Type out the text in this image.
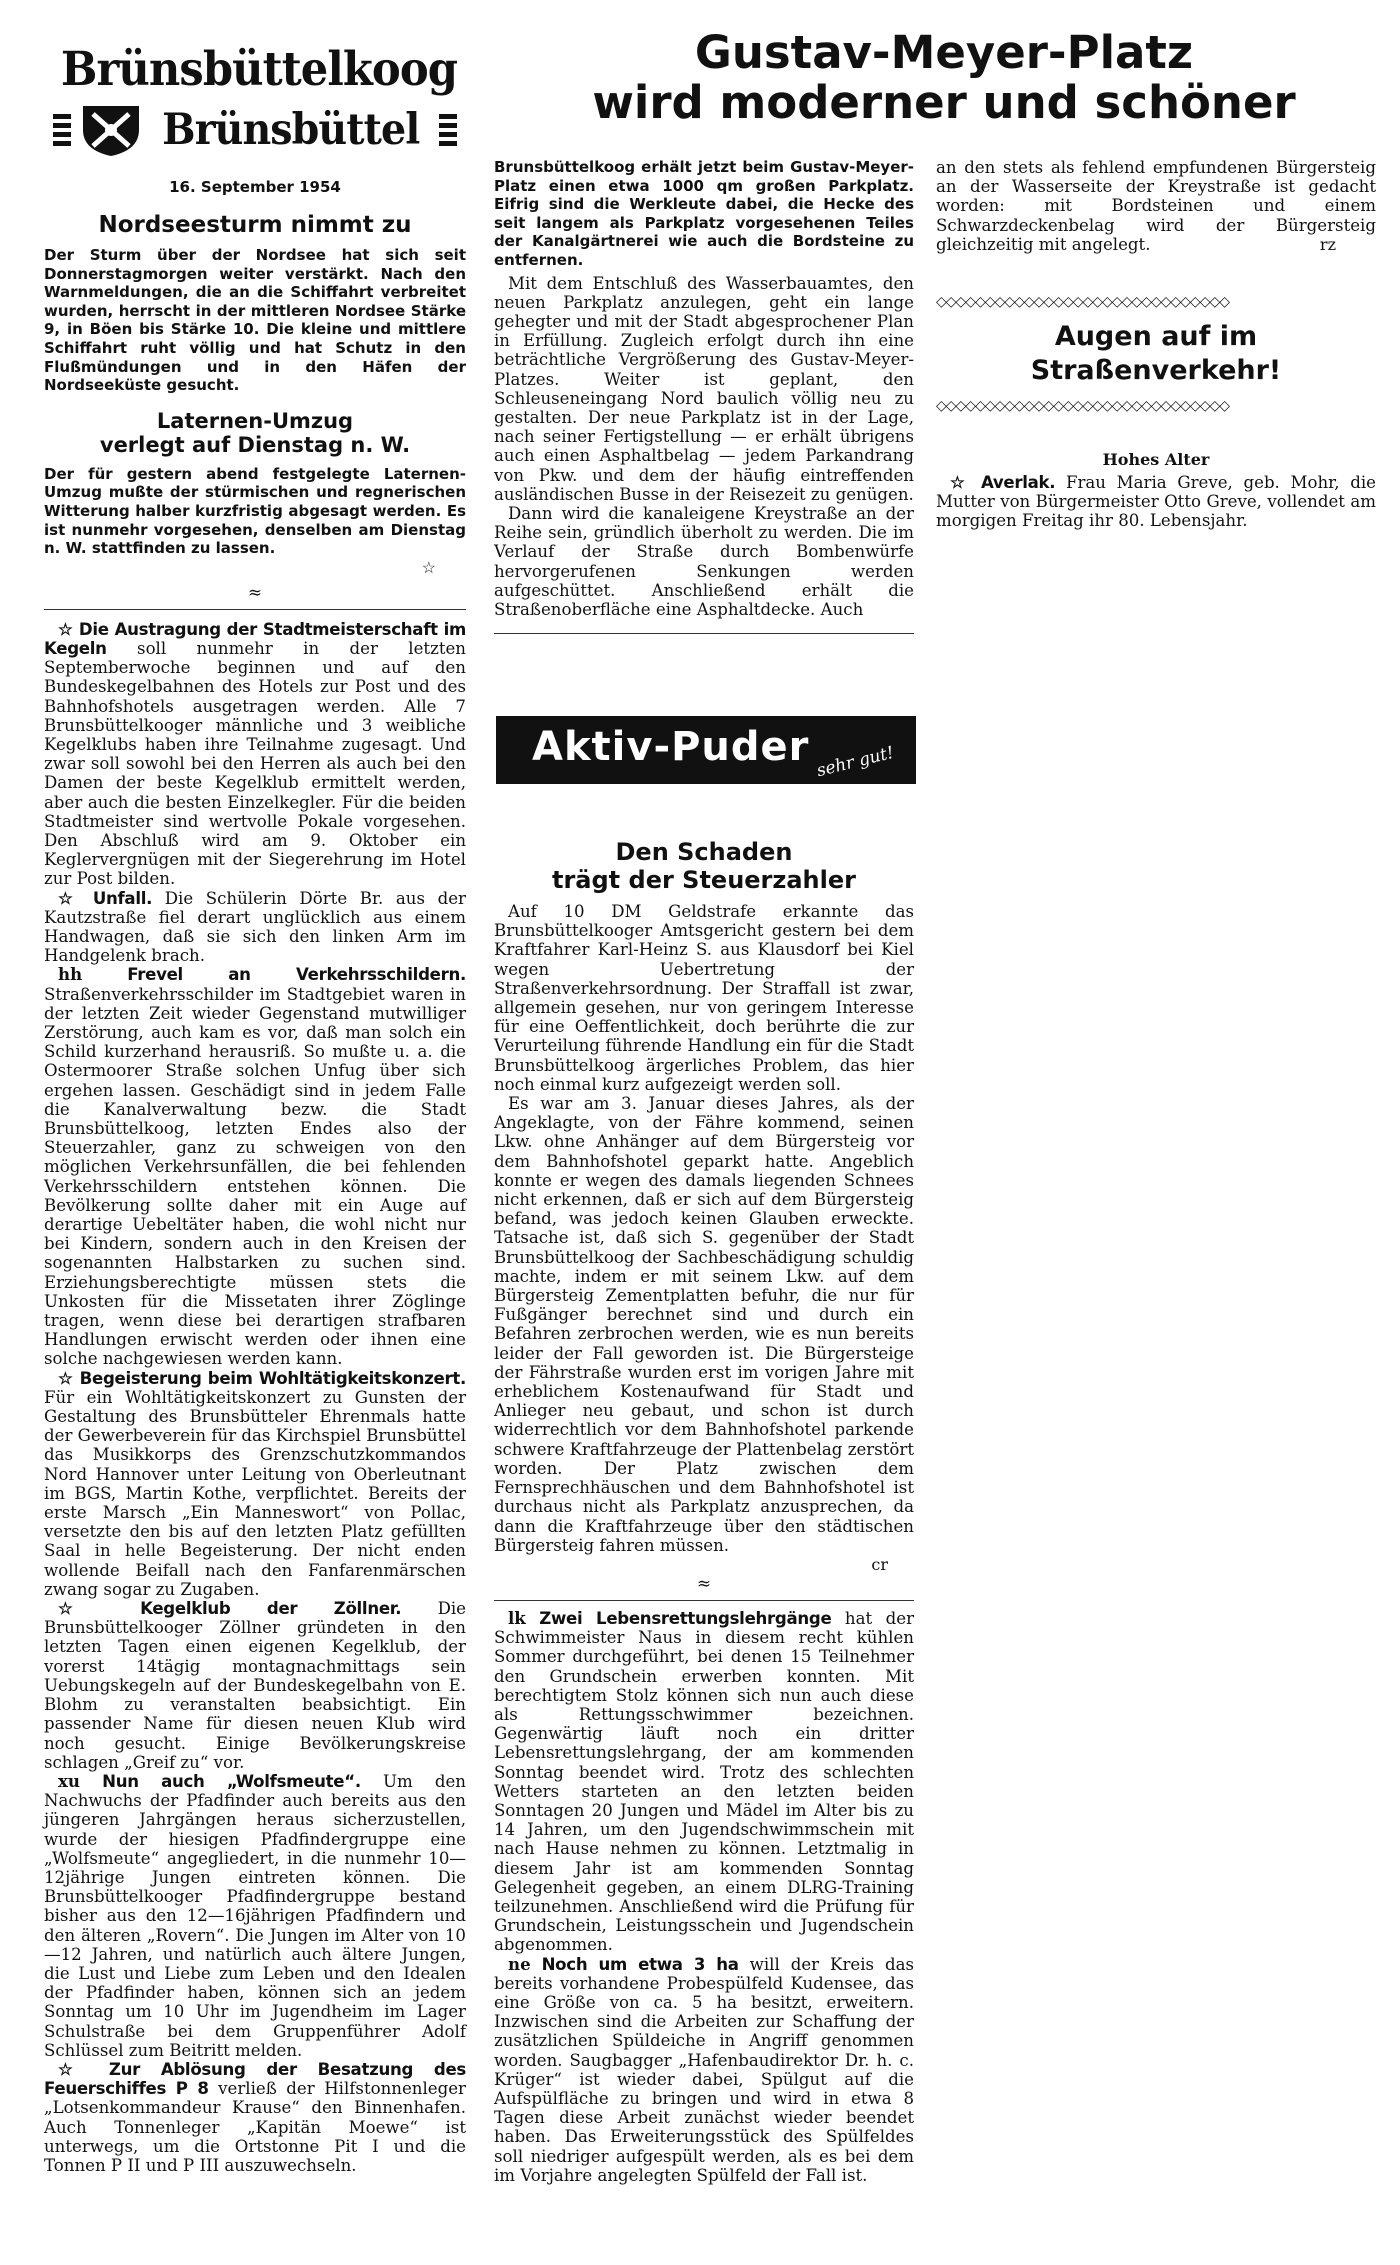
Brünsbüttelkoog
Brünsbüttel
16. September 1954
Nordseesturm nimmt zu

Der Sturm über der Nordsee hat sich seit Donnerstagmorgen weiter verstärkt. Nach den Warnmeldungen, die an die Schiffahrt verbreitet wurden, herrscht in der mittleren Nordsee Stärke 9, in Böen bis Stärke 10. Die kleine und mittlere Schiffahrt ruht völlig und hat Schutz in den Flußmündungen und in den Häfen der Nordseeküste gesucht.

Laternen-Umzug
verlegt auf Dienstag n. W.

Der für gestern abend festgelegte Laternen-Umzug mußte der stürmischen und regnerischen Witterung halber kurzfristig abgesagt werden. Es ist nunmehr vorgesehen, denselben am Dienstag n. W. stattfinden zu lassen.

☆
≈

☆ Die Austragung der Stadtmeisterschaft im Kegeln soll nunmehr in der letzten Septemberwoche beginnen und auf den Bundeskegelbahnen des Hotels zur Post und des Bahnhofshotels ausgetragen werden. Alle 7 Brunsbüttelkooger männliche und 3 weibliche Kegelklubs haben ihre Teilnahme zugesagt. Und zwar soll sowohl bei den Herren als auch bei den Damen der beste Kegelklub ermittelt werden, aber auch die besten Einzelkegler. Für die beiden Stadtmeister sind wertvolle Pokale vorgesehen. Den Abschluß wird am 9. Oktober ein Keglervergnügen mit der Siegerehrung im Hotel zur Post bilden.

☆ Unfall. Die Schülerin Dörte Br. aus der Kautzstraße fiel derart unglücklich aus einem Handwagen, daß sie sich den linken Arm im Handgelenk brach.

hh	Frevel an Verkehrsschildern. Straßenverkehrsschilder im Stadtgebiet waren in der letzten Zeit wieder Gegenstand mutwilliger Zerstörung, auch kam es vor, daß man solch ein Schild kurzerhand herausriß. So mußte u. a. die Ostermoorer Straße solchen Unfug über sich ergehen lassen. Geschädigt sind in jedem Falle die Kanalverwaltung bezw. die Stadt Brunsbüttelkoog, letzten Endes also der Steuerzahler, ganz zu schweigen von den möglichen Verkehrsunfällen, die bei fehlenden Verkehrsschildern entstehen können. Die Bevölkerung sollte daher mit ein Auge auf derartige Uebeltäter haben, die wohl nicht nur bei Kindern, sondern auch in den Kreisen der sogenannten Halbstarken zu suchen sind. Erziehungsberechtigte müssen stets die Unkosten für die Missetaten ihrer Zöglinge tragen, wenn diese bei derartigen strafbaren Handlungen erwischt werden oder ihnen eine solche nachgewiesen werden kann.

☆ Begeisterung beim Wohltätigkeitskonzert. Für ein Wohltätigkeitskonzert zu Gunsten der Gestaltung des Brunsbütteler Ehrenmals hatte der Gewerbeverein für das Kirchspiel Brunsbüttel das Musikkorps des Grenzschutzkommandos Nord Hannover unter Leitung von Oberleutnant im BGS, Martin Kothe, verpflichtet. Bereits der erste Marsch „Ein Manneswort“ von Pollac, versetzte den bis auf den letzten Platz gefüllten Saal in helle Begeisterung. Der nicht enden wollende Beifall nach den Fanfarenmärschen zwang sogar zu Zugaben.

☆ Kegelklub der Zöllner. Die Brunsbüttelkooger Zöllner gründeten in den letzten Tagen einen eigenen Kegelklub, der vorerst 14tägig montagnachmittags sein Uebungskegeln auf der Bundeskegelbahn von E. Blohm zu veranstalten beabsichtigt. Ein passender Name für diesen neuen Klub wird noch gesucht. Einige Bevölkerungskreise schlagen „Greif zu“ vor.

xu Nun auch „Wolfsmeute“. Um den Nachwuchs der Pfadfinder auch bereits aus den jüngeren Jahrgängen heraus sicherzustellen, wurde der hiesigen Pfadfindergruppe eine „Wolfsmeute“ angegliedert, in die nunmehr 10—12jährige Jungen eintreten können. Die Brunsbüttelkooger Pfadfindergruppe bestand bisher aus den 12—16jährigen Pfadfindern und den älteren „Rovern“. Die Jungen im Alter von 10—12 Jahren, und natürlich auch ältere Jungen, die Lust und Liebe zum Leben und den Idealen der Pfadfinder haben, können sich an jedem Sonntag um 10 Uhr im Jugendheim im Lager Schulstraße bei dem Gruppenführer Adolf Schlüssel zum Beitritt melden.

☆ Zur Ablösung der Besatzung des Feuerschiffes P 8 verließ der Hilfstonnenleger „Lotsenkommandeur Krause“ den Binnenhafen. Auch Tonnenleger „Kapitän Moewe“ ist unterwegs, um die Ortstonne Pit I und die Tonnen P II und P III auszuwechseln.

Gustav-Meyer-Platz
wird moderner und schöner

Brunsbüttelkoog erhält jetzt beim Gustav-Meyer-Platz einen etwa 1000 qm großen Parkplatz. Eifrig sind die Werkleute dabei, die Hecke des seit langem als Parkplatz vorgesehenen Teiles der Kanalgärtnerei wie auch die Bordsteine zu entfernen.

Mit dem Entschluß des Wasserbauamtes, den neuen Parkplatz anzulegen, geht ein lange gehegter und mit der Stadt abgesprochener Plan in Erfüllung. Zugleich erfolgt durch ihn eine beträchtliche Vergrößerung des Gustav-Meyer-Platzes. Weiter ist geplant, den Schleuseneingang Nord baulich völlig neu zu gestalten. Der neue Parkplatz ist in der Lage, nach seiner Fertigstellung — er erhält übrigens auch einen Asphaltbelag — jedem Parkandrang von Pkw. und dem der häufig eintreffenden ausländischen Busse in der Reisezeit zu genügen.

Dann wird die kanaleigene Kreystraße an der Reihe sein, gründlich überholt zu werden. Die im Verlauf der Straße durch Bombenwürfe hervorgerufenen Senkungen werden aufgeschüttet. Anschließend erhält die Straßenoberfläche eine Asphaltdecke. Auch

Aktiv-Puder sehr gut!
Den Schaden
trägt der Steuerzahler

Auf 10 DM Geldstrafe erkannte das Brunsbüttelkooger Amtsgericht gestern bei dem Kraftfahrer Karl-Heinz S. aus Klausdorf bei Kiel wegen Uebertretung der Straßenverkehrsordnung. Der Straffall ist zwar, allgemein gesehen, nur von geringem Interesse für eine Oeffentlichkeit, doch berührte die zur Verurteilung führende Handlung ein für die Stadt Brunsbüttelkoog ärgerliches Problem, das hier noch einmal kurz aufgezeigt werden soll.

Es war am 3. Januar dieses Jahres, als der Angeklagte, von der Fähre kommend, seinen Lkw. ohne Anhänger auf dem Bürgersteig vor dem Bahnhofshotel geparkt hatte. Angeblich konnte er wegen des damals liegenden Schnees nicht erkennen, daß er sich auf dem Bürgersteig befand, was jedoch keinen Glauben erweckte. Tatsache ist, daß sich S. gegenüber der Stadt Brunsbüttelkoog der Sachbeschädigung schuldig machte, indem er mit seinem Lkw. auf dem Bürgersteig Zementplatten befuhr, die nur für Fußgänger berechnet sind und durch ein Befahren zerbrochen werden, wie es nun bereits leider der Fall geworden ist. Die Bürgersteige der Fährstraße wurden erst im vorigen Jahre mit erheblichem Kostenaufwand für Stadt und Anlieger neu gebaut, und schon ist durch widerrechtlich vor dem Bahnhofshotel parkende schwere Kraftfahrzeuge der Plattenbelag zerstört worden. Der Platz zwischen dem Fernsprechhäuschen und dem Bahnhofshotel ist durchaus nicht als Parkplatz anzusprechen, da dann die Kraftfahrzeuge über den städtischen Bürgersteig fahren müssen.

cr
≈

lk Zwei Lebensrettungslehrgänge hat der Schwimmeister Naus in diesem recht kühlen Sommer durchgeführt, bei denen 15 Teilnehmer den Grundschein erwerben konnten. Mit berechtigtem Stolz können sich nun auch diese als Rettungsschwimmer bezeichnen. Gegenwärtig läuft noch ein dritter Lebensrettungslehrgang, der am kommenden Sonntag beendet wird. Trotz des schlechten Wetters starteten an den letzten beiden Sonntagen 20 Jungen und Mädel im Alter bis zu 14 Jahren, um den Jugendschwimmschein mit nach Hause nehmen zu können. Letztmalig in diesem Jahr ist am kommenden Sonntag Gelegenheit gegeben, an einem DLRG-Training teilzunehmen. Anschließend wird die Prüfung für Grundschein, Leistungsschein und Jugendschein abgenommen.

ne Noch um etwa 3 ha will der Kreis das bereits vorhandene Probespülfeld Kudensee, das eine Größe von ca. 5 ha besitzt, erweitern. Inzwischen sind die Arbeiten zur Schaffung der zusätzlichen Spüldeiche in Angriff genommen worden. Saugbagger „Hafenbaudirektor Dr. h. c. Krüger“ ist wieder dabei, Spülgut auf die Aufspülfläche zu bringen und wird in etwa 8 Tagen diese Arbeit zunächst wieder beendet haben. Das Erweiterungsstück des Spülfeldes soll niedriger aufgespült werden, als es bei dem im Vorjahre angelegten Spülfeld der Fall ist.

an den stets als fehlend empfundenen Bürgersteig an der Wasserseite der Kreystraße ist gedacht worden: mit Bordsteinen und einem Schwarzdeckenbelag wird der Bürgersteig gleichzeitig mit angelegt.	rz
◇◇◇◇◇◇◇◇◇◇◇◇◇◇◇◇◇◇◇◇◇◇◇◇◇◇◇◇◇◇
Augen auf im Straßenverkehr!
◇◇◇◇◇◇◇◇◇◇◇◇◇◇◇◇◇◇◇◇◇◇◇◇◇◇◇◇◇◇
Hohes Alter

☆ Averlak. Frau Maria Greve, geb. Mohr, die Mutter von Bürgermeister Otto Greve, vollendet am morgigen Freitag ihr 80. Lebensjahr.
